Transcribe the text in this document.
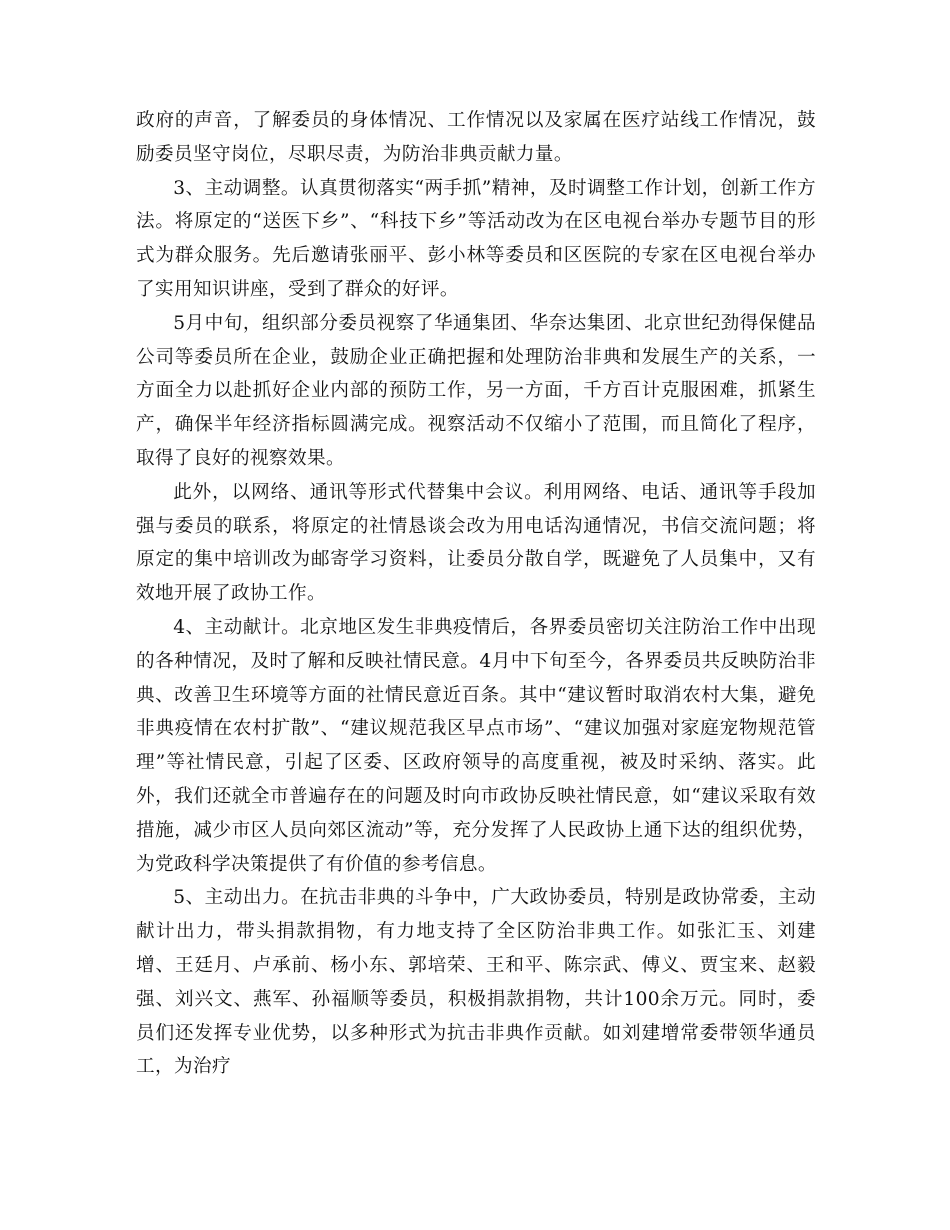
政府的声音，了解委员的身体情况、工作情况以及家属在医疗站线工作情况，鼓励委员坚守岗位，尽职尽责，为防治非典贡献力量。

3、主动调整。认真贯彻落实“两手抓”精神，及时调整工作计划，创新工作方法。将原定的“送医下乡”、“科技下乡”等活动改为在区电视台举办专题节目的形式为群众服务。先后邀请张丽平、彭小林等委员和区医院的专家在区电视台举办了实用知识讲座，受到了群众的好评。

5月中旬，组织部分委员视察了华通集团、华奈达集团、北京世纪劲得保健品公司等委员所在企业，鼓励企业正确把握和处理防治非典和发展生产的关系，一方面全力以赴抓好企业内部的预防工作，另一方面，千方百计克服困难，抓紧生产，确保半年经济指标圆满完成。视察活动不仅缩小了范围，而且简化了程序，取得了良好的视察效果。

此外，以网络、通讯等形式代替集中会议。利用网络、电话、通讯等手段加强与委员的联系，将原定的社情恳谈会改为用电话沟通情况，书信交流问题；将原定的集中培训改为邮寄学习资料，让委员分散自学，既避免了人员集中，又有效地开展了政协工作。

4、主动献计。北京地区发生非典疫情后，各界委员密切关注防治工作中出现的各种情况，及时了解和反映社情民意。4月中下旬至今，各界委员共反映防治非典、改善卫生环境等方面的社情民意近百条。其中“建议暂时取消农村大集，避免非典疫情在农村扩散”、“建议规范我区早点市场”、“建议加强对家庭宠物规范管理”等社情民意，引起了区委、区政府领导的高度重视，被及时采纳、落实。此外，我们还就全市普遍存在的问题及时向市政协反映社情民意，如“建议采取有效措施，减少市区人员向郊区流动”等，充分发挥了人民政协上通下达的组织优势，为党政科学决策提供了有价值的参考信息。

5、主动出力。在抗击非典的斗争中，广大政协委员，特别是政协常委，主动献计出力，带头捐款捐物，有力地支持了全区防治非典工作。如张汇玉、刘建增、王廷月、卢承前、杨小东、郭培荣、王和平、陈宗武、傅义、贾宝来、赵毅强、刘兴文、燕军、孙福顺等委员，积极捐款捐物，共计100余万元。同时，委员们还发挥专业优势，以多种形式为抗击非典作贡献。如刘建增常委带领华通员工，为治疗
